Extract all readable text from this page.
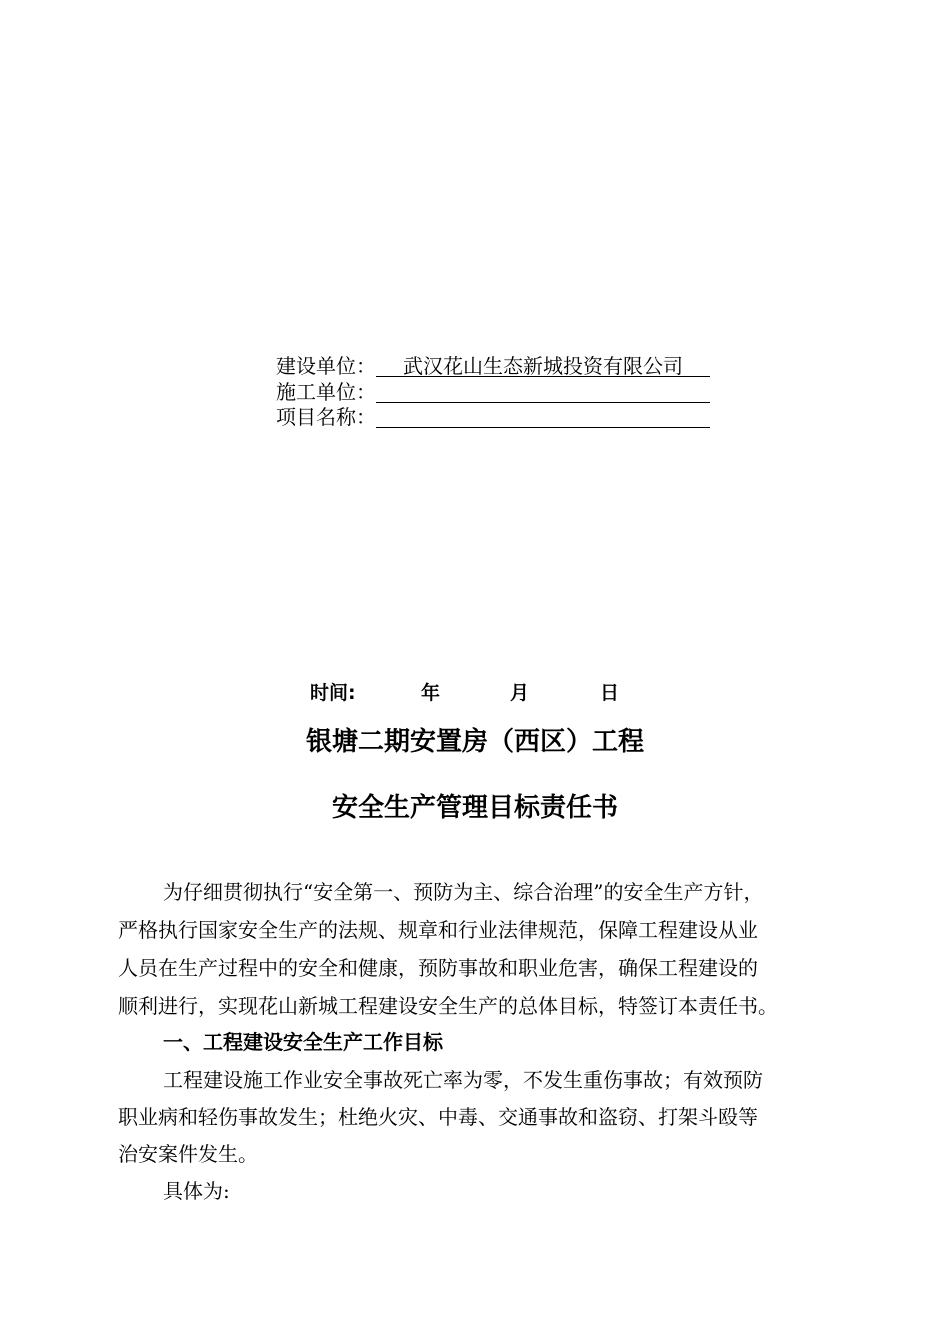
建设单位： 武汉花山生态新城投资有限公司
施工单位：
项目名称：
时间:	年	月	日
银塘二期安置房（西区）工程
安全生产管理目标责任书
为仔细贯彻执行“安全第一、预防为主、综合治理”的安全生产方针，
严格执行国家安全生产的法规、规章和行业法律规范，保障工程建设从业
人员在生产过程中的安全和健康，预防事故和职业危害，确保工程建设的
顺利进行，实现花山新城工程建设安全生产的总体目标，特签订本责任书。
一、工程建设安全生产工作目标
工程建设施工作业安全事故死亡率为零，不发生重伤事故；有效预防
职业病和轻伤事故发生；杜绝火灾、中毒、交通事故和盗窃、打架斗殴等
治安案件发生。
具体为:
